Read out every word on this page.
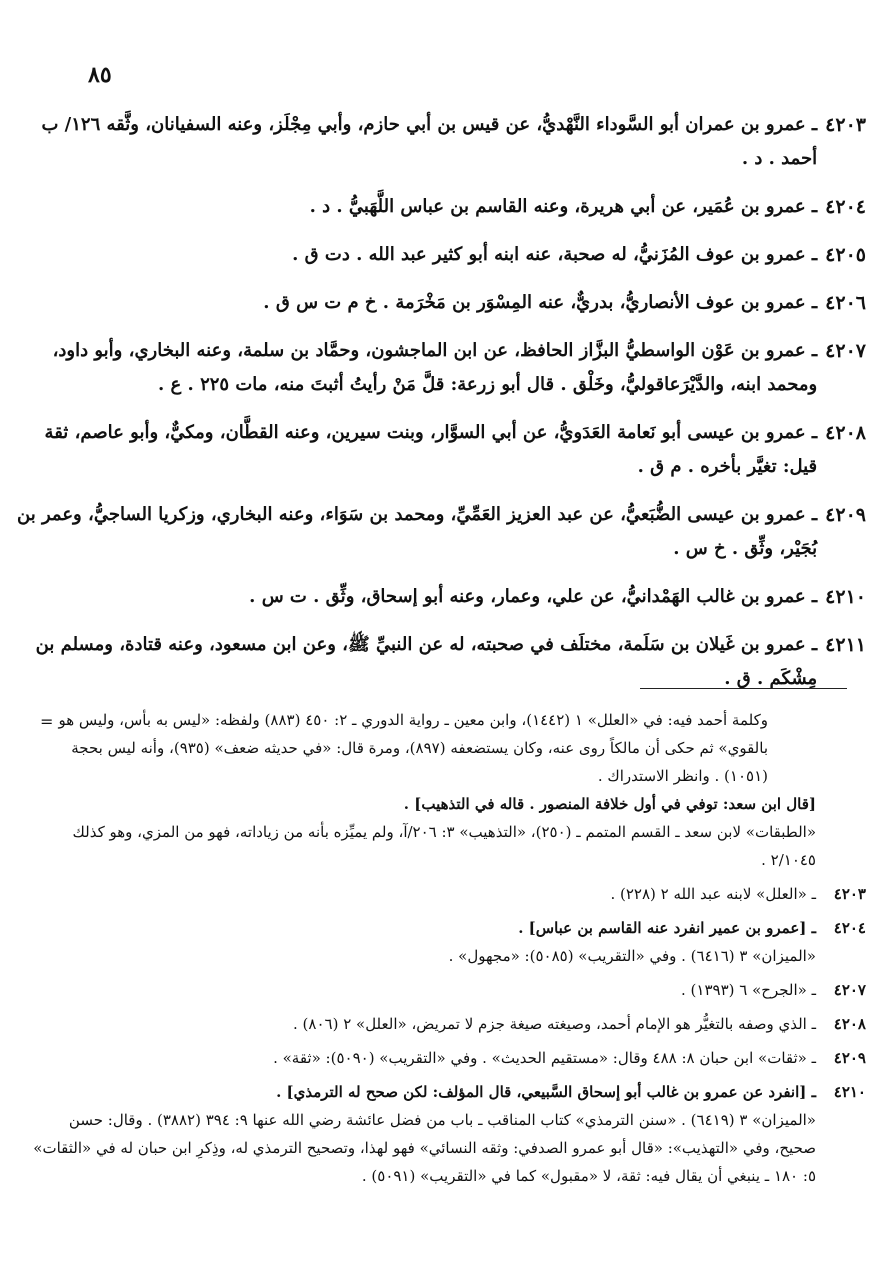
٨٥
٤٢٠٣
ـ عمرو بن عمران أبو السَّوداء النَّهْديُّ، عن قيس بن أبي حازم، وأبي مِجْلَز، وعنه السفيانان، وثَّقه ١٢٦/ ب أحمد . د .
٤٢٠٤
ـ عمرو بن عُمَير، عن أبي هريرة، وعنه القاسم بن عباس اللَّهَبيُّ . د .
٤٢٠٥
ـ عمرو بن عوف المُزَنيُّ، له صحبة، عنه ابنه أبو كثير عبد الله . دت ق .
٤٢٠٦
ـ عمرو بن عوف الأنصاريُّ، بدريٌّ، عنه المِسْوَر بن مَخْرَمة . خ م ت س ق .
٤٢٠٧
ـ عمرو بن عَوْن الواسطيُّ البزَّاز الحافظ، عن ابن الماجشون، وحمَّاد بن سلمة، وعنه البخاري، وأبو داود، ومحمد ابنه، والدَّيْرَعاقوليُّ، وخَلْق . قال أبو زرعة: قلَّ مَنْ رأيتُ أثبتَ منه، مات ٢٢٥ . ع .
٤٢٠٨
ـ عمرو بن عيسى أبو نَعامة العَدَويُّ، عن أبي السوَّار، وبنت سيرين، وعنه القطَّان، ومكيٌّ، وأبو عاصم، ثقة قيل: تغيَّر بأخره . م ق .
٤٢٠٩
ـ عمرو بن عيسى الضُّبَعيُّ، عن عبد العزيز العَمِّيِّ، ومحمد بن سَوَاء، وعنه البخاري، وزكريا الساجيُّ، وعمر بن بُجَيْر، وثِّق . خ س .
٤٢١٠
ـ عمرو بن غالب الهَمْدانيُّ، عن علي، وعمار، وعنه أبو إسحاق، وثِّق . ت س .
٤٢١١
ـ عمرو بن غَيلان بن سَلَمة، مختلَف في صحبته، له عن النبيِّ ﷺ، وعن ابن مسعود، وعنه قتادة، ومسلم بن مِشْكَم . ق .

وكلمة أحمد فيه: في «العلل» ١ (١٤٤٢)، وابن معين ـ رواية الدوري ـ ٢: ٤٥٠ (٨٨٣) ولفظه: «ليس به بأس، وليس هو بالقوي» ثم حكى أن مالكاً روى عنه، وكان يستضعفه (٨٩٧)، ومرة قال: «في حديثه ضعف» (٩٣٥)، وأنه ليس بحجة (١٠٥١) . وانظر الاستدراك .

[قال ابن سعد: توفي في أول خلافة المنصور . قاله في التذهيب] .

«الطبقات» لابن سعد ـ القسم المتمم ـ (٢٥٠)، «التذهيب» ٣: ٢٠٦/آ، ولم يميِّزه بأنه من زياداته، فهو من المزي، وهو كذلك ٢/١٠٤٥ .

٤٢٠٣

ـ «العلل» لابنه عبد الله ٢ (٢٢٨) .

٤٢٠٤

ـ [عمرو بن عمير انفرد عنه القاسم بن عباس] .

«الميزان» ٣ (٦٤١٦) . وفي «التقريب» (٥٠٨٥): «مجهول» .

٤٢٠٧

ـ «الجرح» ٦ (١٣٩٣) .

٤٢٠٨

ـ الذي وصفه بالتغيُّر هو الإمام أحمد، وصيغته صيغة جزم لا تمريض، «العلل» ٢ (٨٠٦) .

٤٢٠٩

ـ «ثقات» ابن حبان ٨: ٤٨٨ وقال: «مستقيم الحديث» . وفي «التقريب» (٥٠٩٠): «ثقة» .

٤٢١٠

ـ [انفرد عن عمرو بن غالب أبو إسحاق السَّبيعي، قال المؤلف: لكن صحح له الترمذي] .

«الميزان» ٣ (٦٤١٩) . «سنن الترمذي» كتاب المناقب ـ باب من فضل عائشة رضي الله عنها ٩: ٣٩٤ (٣٨٨٢) . وقال: حسن صحيح، وفي «التهذيب»: «قال أبو عمرو الصدفي: وثقه النسائي» فهو لهذا، وتصحيح الترمذي له، وذِكرِ ابن حبان له في «الثقات» ٥: ١٨٠ ـ ينبغي أن يقال فيه: ثقة، لا «مقبول» كما في «التقريب» (٥٠٩١) .

=
